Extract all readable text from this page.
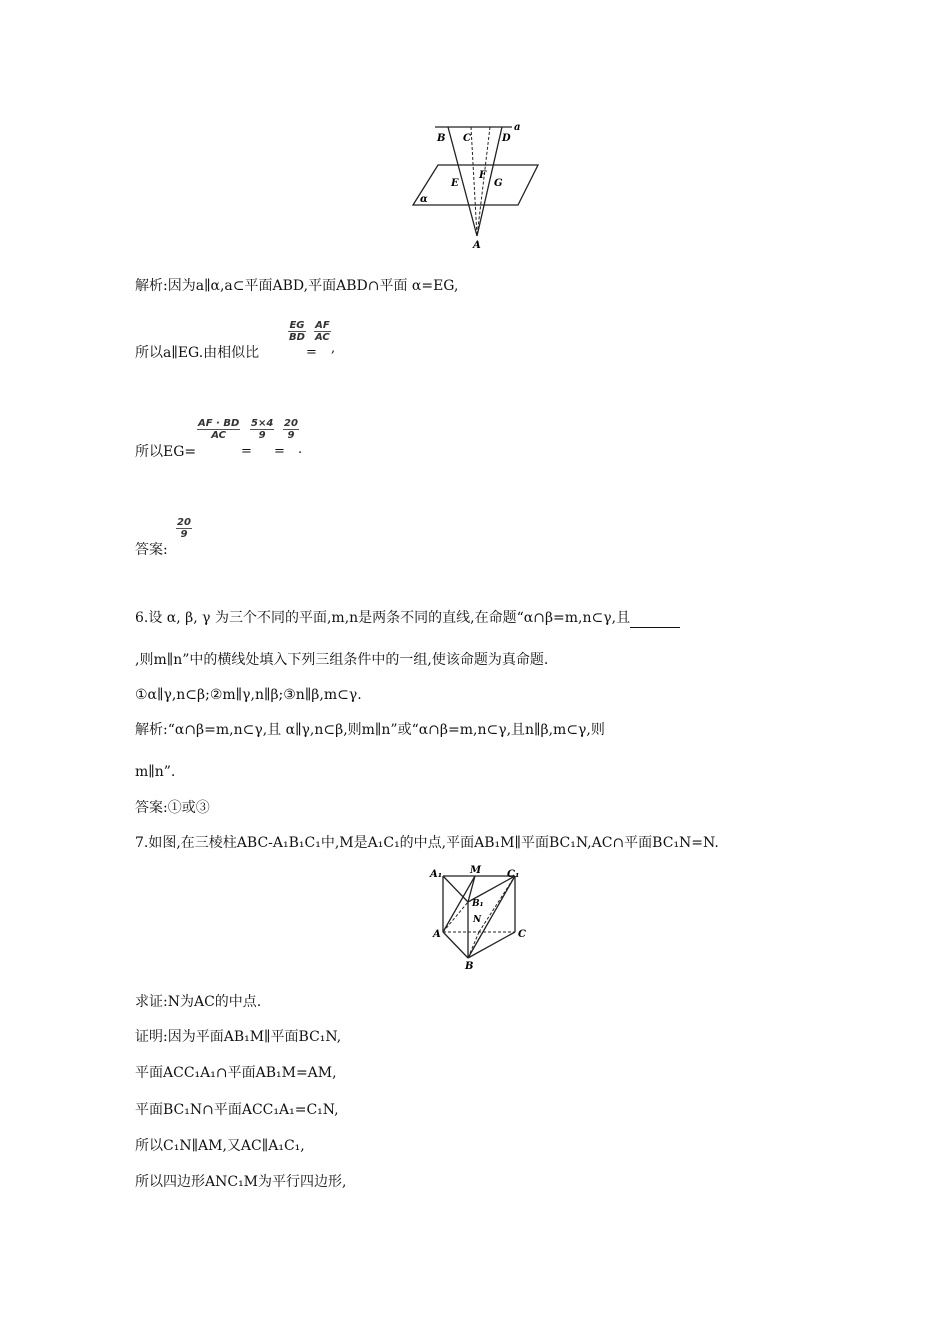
a
B C	D
E
F
G
α
A
解析:因为a∥α,a⊂平面ABD,平面ABD∩平面 α=EG,
$\frac{EG}{BD} \frac{AF}{AC}$
所以a∥EG.由相似比	= ,
$\frac{AF \cdot BD}{AC} \frac{5\times 4}{9} \frac{20}{9}$
所以EG=	= = .
$\frac{20}{9}$
答案:
6.设 α, β, γ 为三个不同的平面,m,n是两条不同的直线,在命题“α∩β=m,n⊂γ,且
,则m∥n”中的横线处填入下列三组条件中的一组,使该命题为真命题.
①α∥γ,n⊂β;②m∥γ,n∥β;③n∥β,m⊂γ.
解析:“α∩β=m,n⊂γ,且 α∥γ,n⊂β,则m∥n”或“α∩β=m,n⊂γ,且n∥β,m⊂γ,则
m∥n”.
答案:①或③
7.如图,在三棱柱ABC-A₁B₁C₁中,M是A₁C₁的中点,平面AB₁M∥平面BC₁N,AC∩平面BC₁N=N.
A₁	M	C₁
B₁
N
A	C
B
求证:N为AC的中点.
证明:因为平面AB₁M∥平面BC₁N,
平面ACC₁A₁∩平面AB₁M=AM,
平面BC₁N∩平面ACC₁A₁=C₁N,
所以C₁N∥AM,又AC∥A₁C₁,
所以四边形ANC₁M为平行四边形,
